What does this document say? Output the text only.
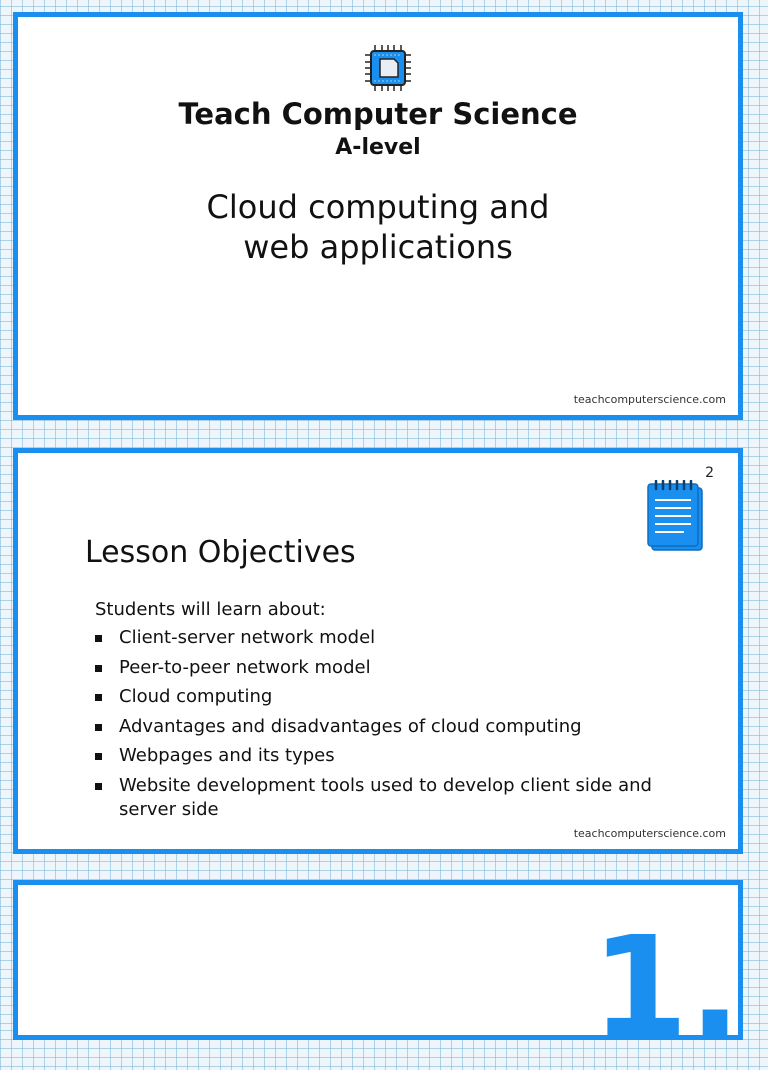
Teach Computer Science
A-level
Cloud computing and
web applications
teachcomputerscience.com
2
Lesson Objectives
Students will learn about:
Client-server network model
Peer-to-peer network model
Cloud computing
Advantages and disadvantages of cloud computing
Webpages and its types
Website development tools used to develop client side and server side
teachcomputerscience.com
1.
